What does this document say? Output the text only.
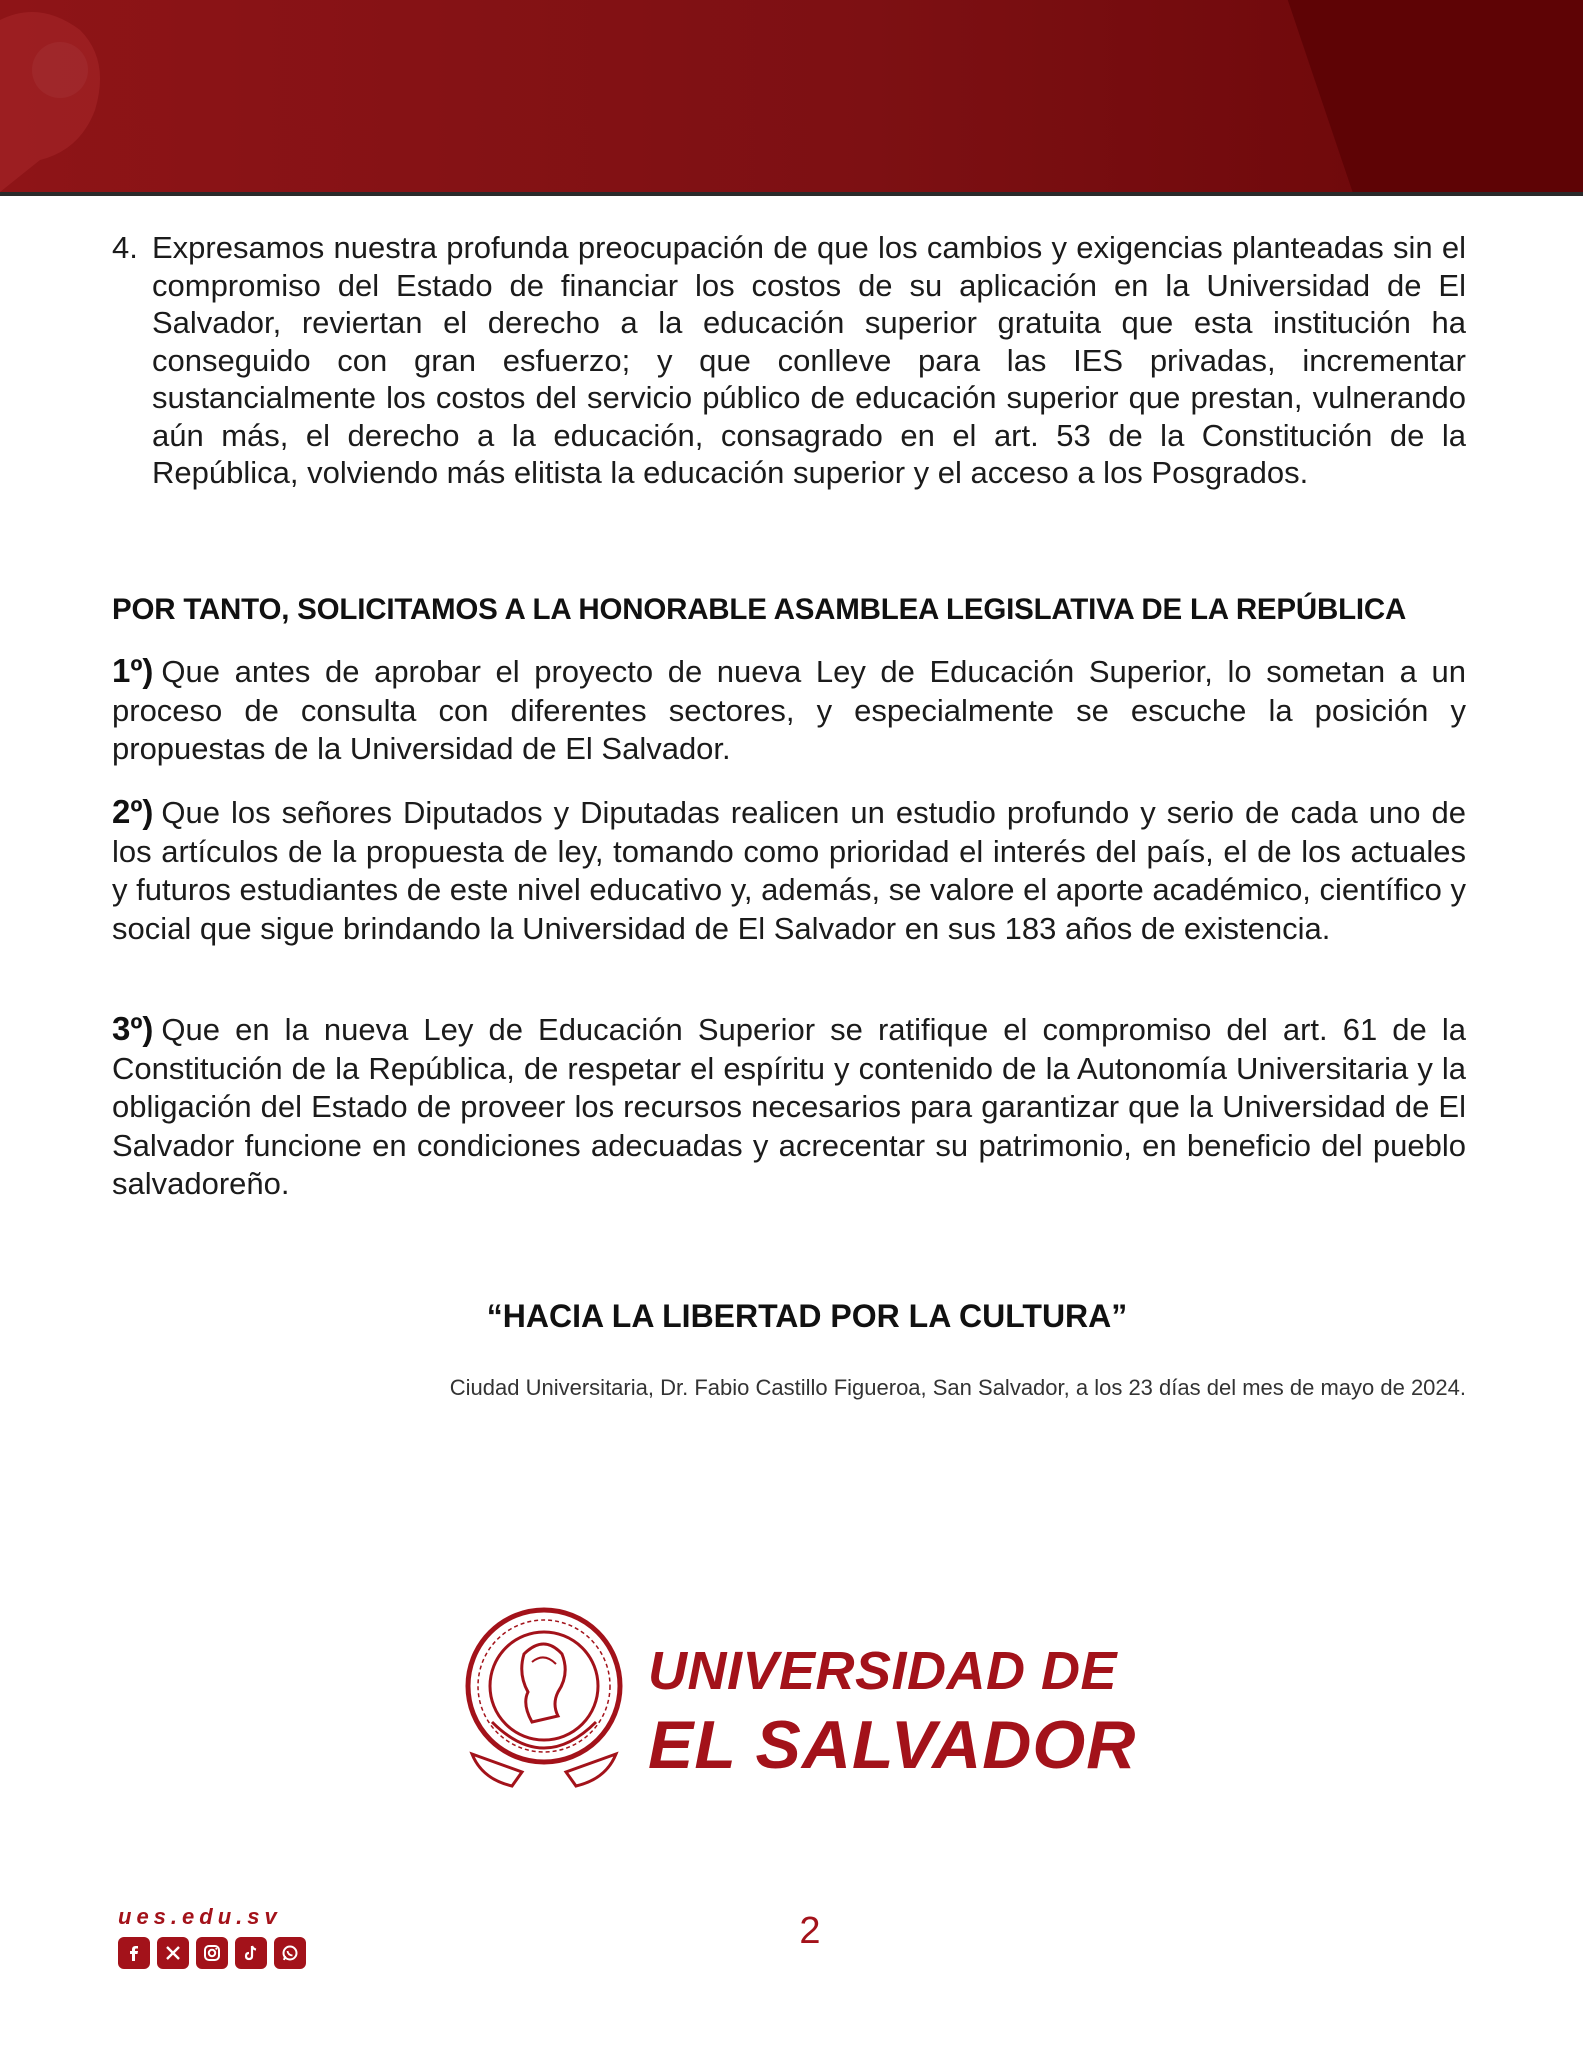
4. Expresamos nuestra profunda preocupación de que los cambios y exigencias planteadas sin el compromiso del Estado de financiar los costos de su aplicación en la Universidad de El Salvador, reviertan el derecho a la educación superior gratuita que esta institución ha conseguido con gran esfuerzo; y que conlleve para las IES privadas, incrementar sustancialmente los costos del servicio público de educación superior que prestan, vulnerando aún más, el derecho a la educación, consagrado en el art. 53 de la Constitución de la República, volviendo más elitista la educación superior y el acceso a los Posgrados.
POR TANTO, SOLICITAMOS A LA HONORABLE ASAMBLEA LEGISLATIVA DE LA REPÚBLICA
1º) Que antes de aprobar el proyecto de nueva Ley de Educación Superior, lo sometan a un proceso de consulta con diferentes sectores, y especialmente se escuche la posición y propuestas de la Universidad de El Salvador.
2º) Que los señores Diputados y Diputadas realicen un estudio profundo y serio de cada uno de los artículos de la propuesta de ley, tomando como prioridad el interés del país, el de los actuales y futuros estudiantes de este nivel educativo y, además, se valore el aporte académico, científico y social que sigue brindando la Universidad de El Salvador en sus 183 años de existencia.
3º) Que en la nueva Ley de Educación Superior se ratifique el compromiso del art. 61 de la Constitución de la República, de respetar el espíritu y contenido de la Autonomía Universitaria y la obligación del Estado de proveer los recursos necesarios para garantizar que la Universidad de El Salvador funcione en condiciones adecuadas y acrecentar su patrimonio, en beneficio del pueblo salvadoreño.
“HACIA LA LIBERTAD POR LA CULTURA”
Ciudad Universitaria, Dr. Fabio Castillo Figueroa, San Salvador, a los 23 días del mes de mayo de 2024.
UNIVERSIDAD DE
EL SALVADOR
ues.edu.sv	2
